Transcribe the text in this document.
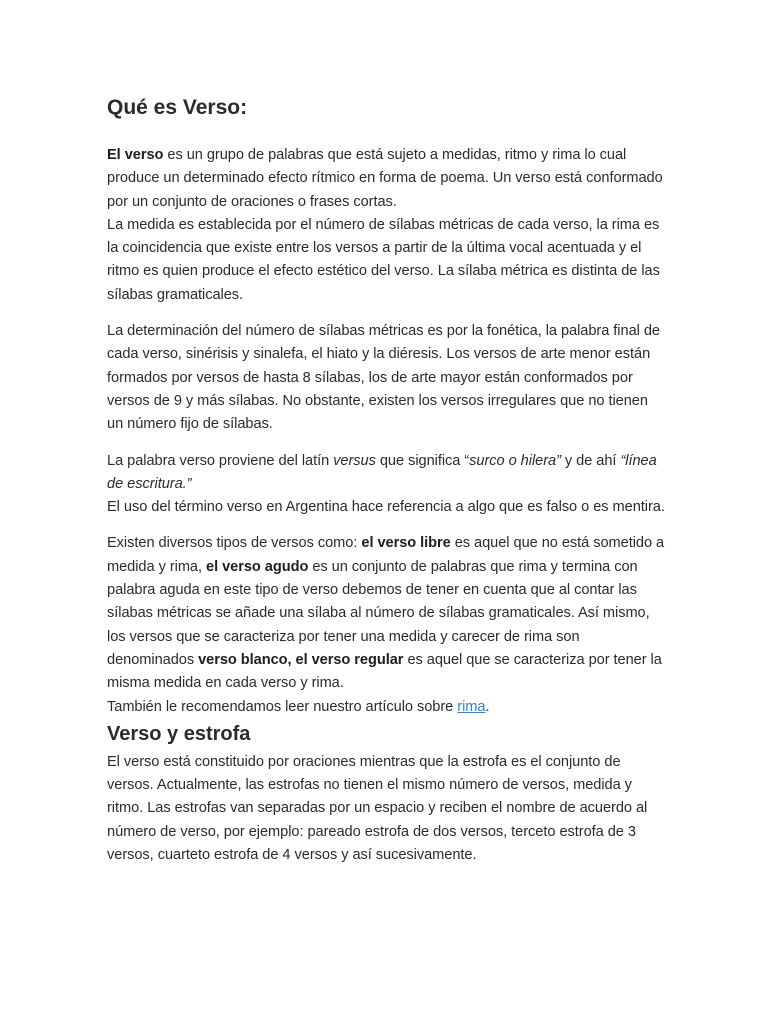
Qué es Verso:

El verso es un grupo de palabras que está sujeto a medidas, ritmo y rima lo cual produce un determinado efecto rítmico en forma de poema. Un verso está conformado por un conjunto de oraciones o frases cortas.

La medida es establecida por el número de sílabas métricas de cada verso, la rima es la coincidencia que existe entre los versos a partir de la última vocal acentuada y el ritmo es quien produce el efecto estético del verso. La sílaba métrica es distinta de las sílabas gramaticales.

La determinación del número de sílabas métricas es por la fonética, la palabra final de cada verso, sinérisis y sinalefa, el hiato y la diéresis. Los versos de arte menor están formados por versos de hasta 8 sílabas, los de arte mayor están conformados por versos de 9 y más sílabas. No obstante, existen los versos irregulares que no tienen un número fijo de sílabas.

La palabra verso proviene del latín versus que significa “surco o hilera” y de ahí “línea de escritura.”

El uso del término verso en Argentina hace referencia a algo que es falso o es mentira.

Existen diversos tipos de versos como: el verso libre es aquel que no está sometido a medida y rima, el verso agudo es un conjunto de palabras que rima y termina con palabra aguda en este tipo de verso debemos de tener en cuenta que al contar las sílabas métricas se añade una sílaba al número de sílabas gramaticales. Así mismo, los versos que se caracteriza por tener una medida y carecer de rima son denominados verso blanco, el verso regular es aquel que se caracteriza por tener la misma medida en cada verso y rima.

También le recomendamos leer nuestro artículo sobre rima.

Verso y estrofa

El verso está constituido por oraciones mientras que la estrofa es el conjunto de versos. Actualmente, las estrofas no tienen el mismo número de versos, medida y ritmo. Las estrofas van separadas por un espacio y reciben el nombre de acuerdo al número de verso, por ejemplo: pareado estrofa de dos versos, terceto estrofa de 3 versos, cuarteto estrofa de 4 versos y así sucesivamente.
